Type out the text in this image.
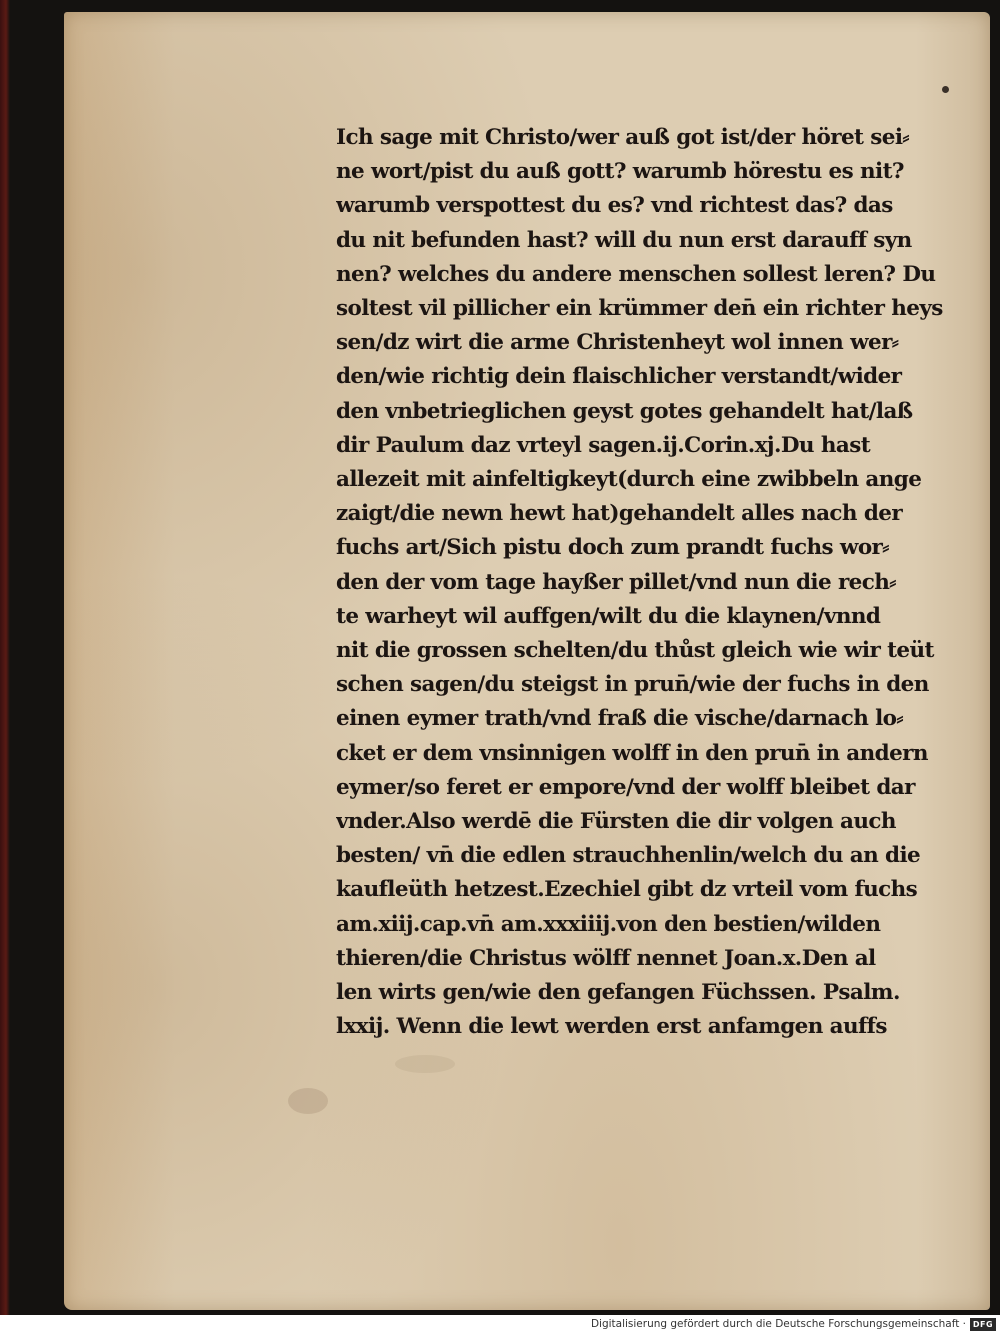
Ich sage mit Christo/wer auß got ist/der höret sei⸗
ne wort/pist du auß gott? warumb hörestu es nit?
warumb verspottest du es? vnd richtest das? das
du nit befunden hast? will du nun erst darauff syn
nen? welches du andere menschen sollest leren? Du
soltest vil pillicher ein krümmer den̄ ein richter heys
sen/dz wirt die arme Christenheyt wol innen wer⸗
den/wie richtig dein flaischlicher verstandt/wider
den vnbetrieglichen geyst gotes gehandelt hat/laß
dir Paulum daz vrteyl sagen.ij.Corin.xj.Du hast
allezeit mit ainfeltigkeyt(durch eine zwibbeln ange
zaigt/die newn hewt hat)gehandelt alles nach der
fuchs art/Sich pistu doch zum prandt fuchs wor⸗
den der vom tage hayßer pillet/vnd nun die rech⸗
te warheyt wil auffgen/wilt du die klaynen/vnnd
nit die grossen schelten/du thůst gleich wie wir teüt
schen sagen/du steigst in prun̄/wie der fuchs in den
einen eymer trath/vnd fraß die vische/darnach lo⸗
cket er dem vnsinnigen wolff in den prun̄ in andern
eymer/so feret er empore/vnd der wolff bleibet dar
vnder.Also werdē die Fürsten die dir volgen auch
besten/ vn̄ die edlen strauchhenlin/welch du an die
kaufleüth hetzest.Ezechiel gibt dz vrteil vom fuchs
am.xiij.cap.vn̄ am.xxxiiij.von den bestien/wilden
thieren/die Christus wölff nennet Joan.x.Den al
len wirts gen/wie den gefangen Füchssen. Psalm.
lxxij. Wenn die lewt werden erst anfamgen auffs
Digitalisierung gefördert durch die Deutsche Forschungsgemeinschaft · DFG
